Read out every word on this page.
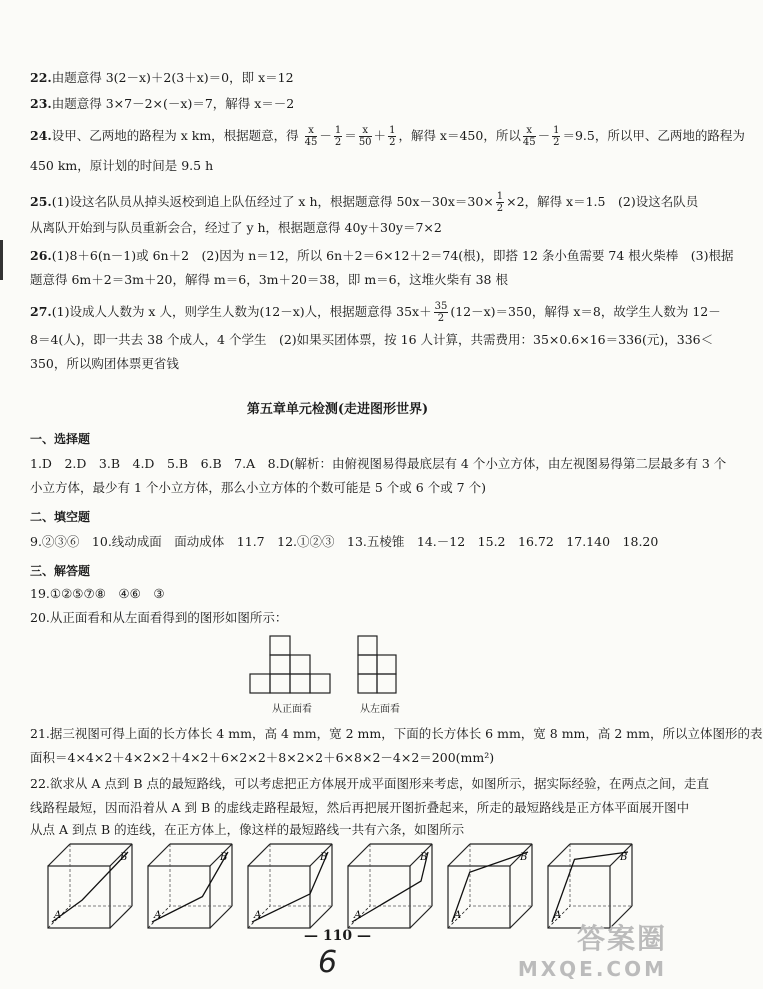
22.由题意得 3(2－x)＋2(3＋x)＝0，即 x＝12
23.由题意得 3×7－2×(－x)＝7，解得 x＝－2
24.设甲、乙两地的路程为 x km，根据题意，得 $\frac{x}{45} - \frac{1}{2} = \frac{x}{50} + \frac{1}{2}$ ，解得 x＝450，所以 $\frac{x}{45} - \frac{1}{2} =9.5$，所以甲、乙两地的路程为
450 km，原计划的时间是 9.5 h
25.(1)设这名队员从掉头返校到追上队伍经过了 x h，根据题意得 $50x-30x=30\times \frac{1}{2} \times 2$，解得 x＝1.5　(2)设这名队员
从离队开始到与队员重新会合，经过了 y h，根据题意得 40y＋30y＝7×2
26.(1)8＋6(n－1)或 6n＋2　(2)因为 n＝12，所以 6n＋2＝6×12＋2＝74(根)，即搭 12 条小鱼需要 74 根火柴棒　(3)根据
题意得 6m＋2＝3m＋20，解得 m＝6，3m＋20＝38，即 m＝6，这堆火柴有 38 根
27.(1)设成人人数为 x 人，则学生人数为(12－x)人，根据题意得 $35x+ \frac{35}{2} (12-x)=350$，解得 x＝8，故学生人数为 12－
8＝4(人)，即一共去 38 个成人，4 个学生　(2)如果买团体票，按 16 人计算，共需费用：35×0.6×16＝336(元)，336＜
350，所以购团体票更省钱
第五章单元检测(走进图形世界)
一、选择题
1.D　2.D　3.B　4.D　5.B　6.B　7.A　8.D(解析：由俯视图易得最底层有 4 个小立方体，由左视图易得第二层最多有 3 个
小立方体，最少有 1 个小立方体，那么小立方体的个数可能是 5 个或 6 个或 7 个)
二、填空题
9.②③⑥　10.线动成面　面动成体　11.7　12.①②③　13.五棱锥　14.－12　15.2　16.72　17.140　18.20
三、解答题
19.①②⑤⑦⑧　④⑥　③
20.从正面看和从左面看得到的图形如图所示：
从正面看	从左面看
21.据三视图可得上面的长方体长 4 mm，高 4 mm，宽 2 mm，下面的长方体长 6 mm，宽 8 mm，高 2 mm，所以立体图形的表
面积＝4×4×2＋4×2×2＋4×2＋6×2×2＋8×2×2＋6×8×2－4×2＝200(mm²)
22.欲求从 A 点到 B 点的最短路线，可以考虑把正方体展开成平面图形来考虑，如图所示，据实际经验，在两点之间，走直
线路程最短，因而沿着从 A 到 B 的虚线走路程最短，然后再把展开图折叠起来，所走的最短路线是正方体平面展开图中
从点 A 到点 B 的连线，在正方体上，像这样的最短路线一共有六条，如图所示
A
B
A
B
A
B
A
B
A
B
A
B
— 110 —
6
答案圈
MXQE.COM
